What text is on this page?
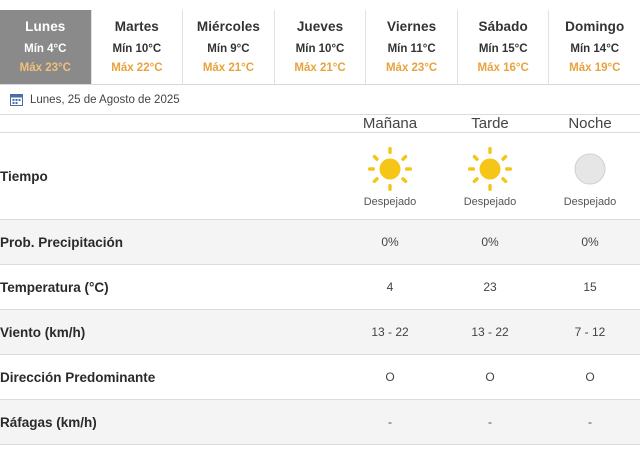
Lunes
Mín 4°C
Máx 23°C
Martes
Mín 10°C
Máx 22°C
Miércoles
Mín 9°C
Máx 21°C
Jueves
Mín 10°C
Máx 21°C
Viernes
Mín 11°C
Máx 23°C
Sábado
Mín 15°C
Máx 16°C
Domingo
Mín 14°C
Máx 19°C
Lunes, 25 de Agosto de 2025
	Mañana	Tarde	Noche
Tiempo	Despejado	Despejado	Despejado

Prob. Precipitación	0%	0%	0%
Temperatura (°C)	4	23	15
Viento (km/h)	13 - 22	13 - 22	7 - 12
Dirección Predominante	O	O	O
Ráfagas (km/h)	-	-	-
